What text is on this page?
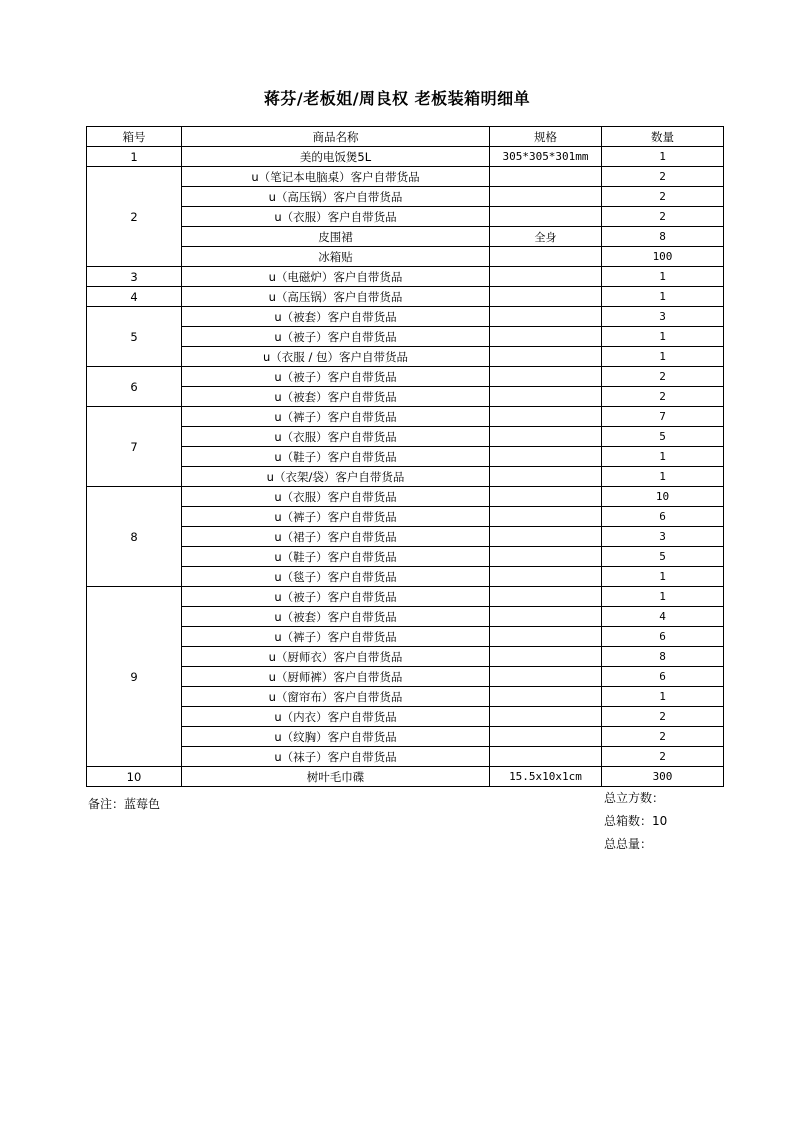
蒋芬/老板姐/周良权 老板装箱明细单
箱号	商品名称	规格	数量
1	美的电饭煲5L	305*305*301mm	1
2	u（笔记本电脑桌）客户自带货品		2
	u（高压锅）客户自带货品		2
	u（衣服）客户自带货品		2
	皮围裙	全身	8
	冰箱贴		100
3	u（电磁炉）客户自带货品		1
4	u（高压锅）客户自带货品		1
5	u（被套）客户自带货品		3
	u（被子）客户自带货品		1
	u（衣服 / 包）客户自带货品		1
6	u（被子）客户自带货品		2
	u（被套）客户自带货品		2
7	u（裤子）客户自带货品		7
	u（衣服）客户自带货品		5
	u（鞋子）客户自带货品		1
	u（衣架/袋）客户自带货品		1
8	u（衣服）客户自带货品		10
	u（裤子）客户自带货品		6
	u（裙子）客户自带货品		3
	u（鞋子）客户自带货品		5
	u（毯子）客户自带货品		1
9	u（被子）客户自带货品		1
	u（被套）客户自带货品		4
	u（裤子）客户自带货品		6
	u（厨师衣）客户自带货品		8
	u（厨师裤）客户自带货品		6
	u（窗帘布）客户自带货品		1
	u（内衣）客户自带货品		2
	u（纹胸）客户自带货品		2
	u（袜子）客户自带货品		2
10	树叶毛巾碟	15.5x10x1cm	300
备注：蓝莓色	总立方数：
总箱数：10
总总量：
